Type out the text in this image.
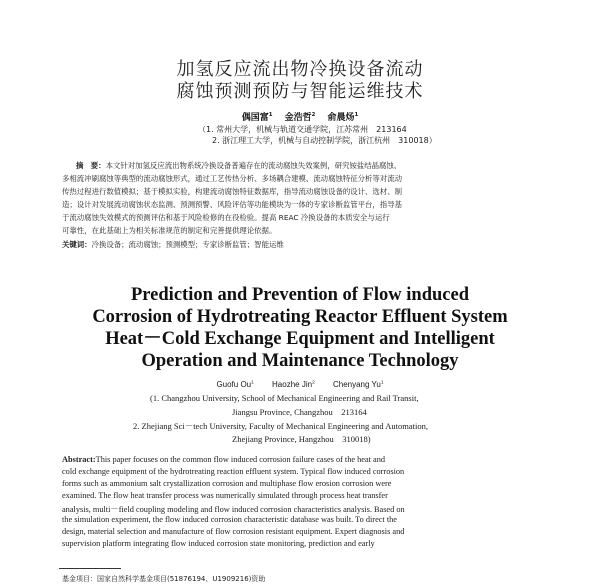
加氢反应流出物冷换设备流动
腐蚀预测预防与智能运维技术
偶国富$^1$　 金浩哲$^2$　 俞晨炀$^1$
（1. 常州大学，机械与轨道交通学院，江苏常州　213164
2. 浙江理工大学，机械与自动控制学院，浙江杭州　310018）
摘　要：本文针对加氢反应流出物系统冷换设备普遍存在的流动腐蚀失效案例，研究铵盐结晶腐蚀、
多相流冲刷腐蚀等典型的流动腐蚀形式，通过工艺传热分析、多场耦合建模、流动腐蚀特征分析等对流动
传热过程进行数值模拟；基于模拟实验，构建流动腐蚀特征数据库，指导流动腐蚀设备的设计、选材、制
造；设计对发展流动腐蚀状态监测、预测预警、风险评估等功能模块为一体的专家诊断监管平台，指导基
于流动腐蚀失效模式的预测评估和基于风险检修的在役检验。提高 REAC 冷换设备的本质安全与运行
可靠性，在此基础上为相关标准规范的制定和完善提供理论依据。
关键词：冷换设备；流动腐蚀；预测模型；专家诊断监管；智能运维
Prediction and Prevention of Flow induced
Corrosion of Hydrotreating Reactor Effluent System
Heat－Cold Exchange Equipment and Intelligent
Operation and Maintenance Technology
Guofu Ou$^1$　　 Haozhe Jin$^2$　　 Chenyang Yu$^1$
(1. Changzhou University, School of Mechanical Engineering and Rail Transit,
Jiangsu Province, Changzhou　213164
2. Zhejiang Sci－tech University, Faculty of Mechanical Engineering and Automation,
Zhejiang Province, Hangzhou　310018)
Abstract:This paper focuses on the common flow induced corrosion failure cases of the heat and
cold exchange equipment of the hydrotreating reaction effluent system. Typical flow induced corrosion
forms such as ammonium salt crystallization corrosion and multiphase flow erosion corrosion were
examined. The flow heat transfer process was numerically simulated through process heat transfer
analysis, multi－field coupling modeling and flow induced corrosion characteristics analysis. Based on
the simulation experiment, the flow induced corrosion characteristic database was built. To direct the
design, material selection and manufacture of flow corrosion resistant equipment. Expert diagnosis and
supervision platform integrating flow induced corrosion state monitoring, prediction and early
基金项目：国家自然科学基金项目(51876194、U1909216)资助
